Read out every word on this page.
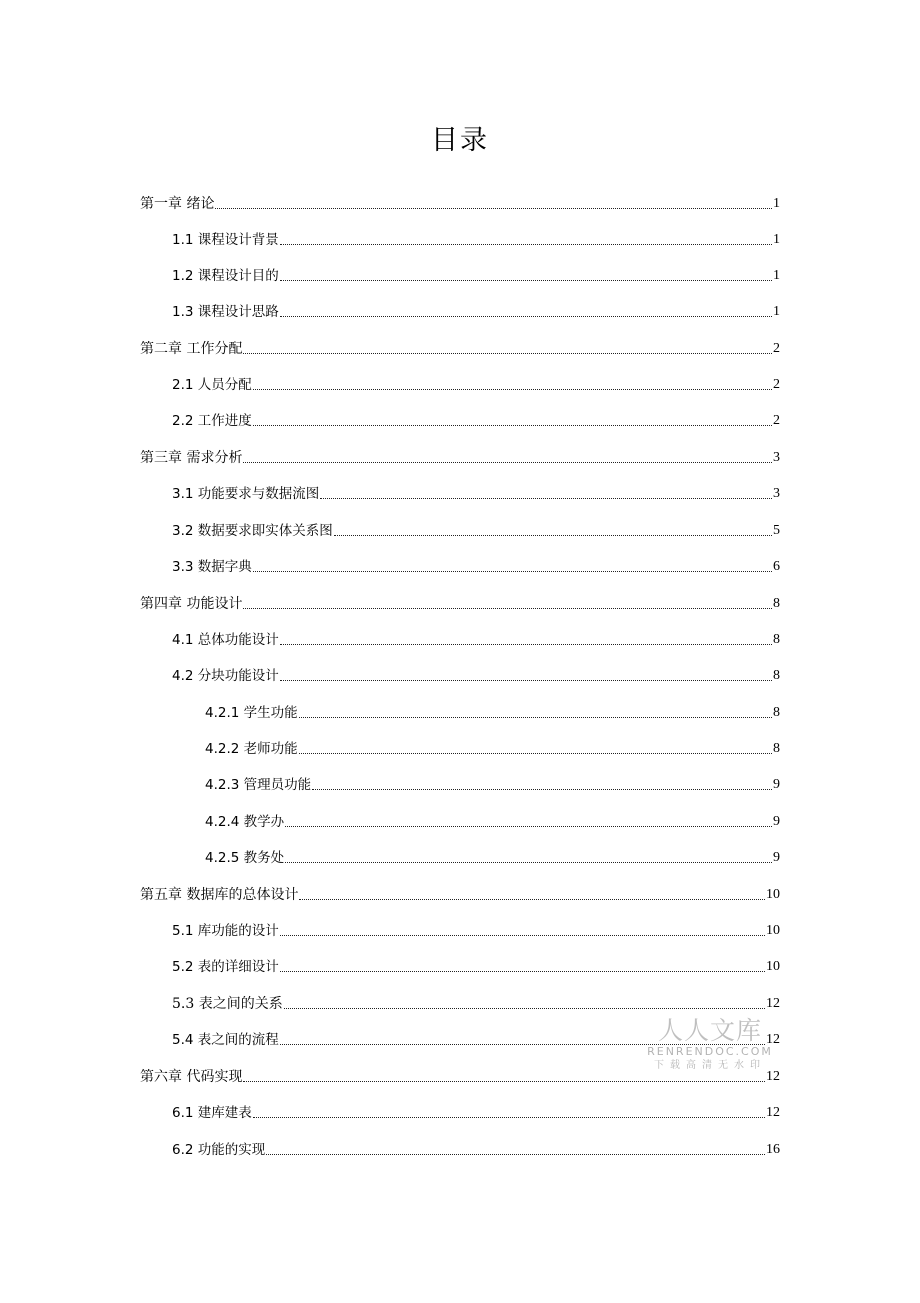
目录
第一章 绪论	1
1.1 课程设计背景	1
1.2 课程设计目的	1
1.3 课程设计思路	1
第二章 工作分配	2
2.1 人员分配	2
2.2 工作进度	2
第三章 需求分析	3
3.1 功能要求与数据流图	3
3.2 数据要求即实体关系图	5
3.3 数据字典	6
第四章 功能设计	8
4.1 总体功能设计	8
4.2 分块功能设计	8
4.2.1 学生功能	8
4.2.2 老师功能	8
4.2.3 管理员功能	9
4.2.4 教学办	9
4.2.5 教务处	9
第五章 数据库的总体设计	10
5.1 库功能的设计	10
5.2 表的详细设计	10
5.3 表之间的关系	12
5.4 表之间的流程	12
第六章 代码实现	12
6.1 建库建表	12
6.2 功能的实现	16
人人文库
RENRENDOC.COM
下载高清无水印
